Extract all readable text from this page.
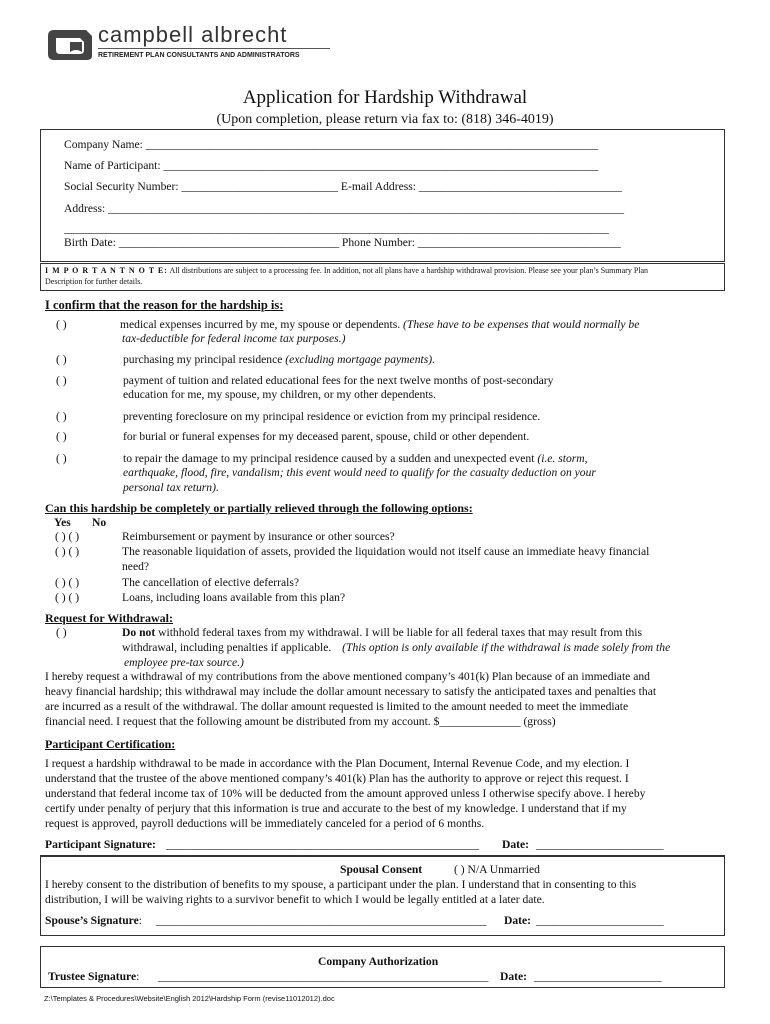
campbell albrecht
RETIREMENT PLAN CONSULTANTS AND ADMINISTRATORS
Application for Hardship Withdrawal
(Upon completion, please return via fax to: (818) 346-4019)
Company Name: ______________________________________________________________________________
Name of Participant: ___________________________________________________________________________
Social Security Number: ___________________________ E-mail Address: ___________________________________
Address: _________________________________________________________________________________________
______________________________________________________________________________________________
Birth Date: ______________________________________ Phone Number: ___________________________________
I M P O R T A N T N O T E: All distributions are subject to a processing fee. In addition, not all plans have a hardship withdrawal provision. Please see your plan’s Summary Plan
Description for further details.
I confirm that the reason for the hardship is:
( )	medical expenses incurred by me, my spouse or dependents. (These have to be expenses that would normally be
tax-deductible for federal income tax purposes.)
( )	purchasing my principal residence (excluding mortgage payments).
( )	payment of tuition and related educational fees for the next twelve months of post-secondary
education for me, my spouse, my children, or my other dependents.
( )	preventing foreclosure on my principal residence or eviction from my principal residence.
( )	for burial or funeral expenses for my deceased parent, spouse, child or other dependent.
( )	to repair the damage to my principal residence caused by a sudden and unexpected event (i.e. storm,
earthquake, flood, fire, vandalism; this event would need to qualify for the casualty deduction on your
personal tax return).
Can this hardship be completely or partially relieved through the following options:
Yes No
( ) ( )	Reimbursement or payment by insurance or other sources?
( ) ( )	The reasonable liquidation of assets, provided the liquidation would not itself cause an immediate heavy financial
need?
( ) ( )	The cancellation of elective deferrals?
( ) ( )	Loans, including loans available from this plan?
Request for Withdrawal:
( )	Do not withhold federal taxes from my withdrawal. I will be liable for all federal taxes that may result from this
withdrawal, including penalties if applicable. (This option is only available if the withdrawal is made solely from the
employee pre-tax source.)
I hereby request a withdrawal of my contributions from the above mentioned company’s 401(k) Plan because of an immediate and
heavy financial hardship; this withdrawal may include the dollar amount necessary to satisfy the anticipated taxes and penalties that
are incurred as a result of the withdrawal. The dollar amount requested is limited to the amount needed to meet the immediate
financial need. I request that the following amount be distributed from my account. $______________ (gross)
Participant Certification:
I request a hardship withdrawal to be made in accordance with the Plan Document, Internal Revenue Code, and my election. I
understand that the trustee of the above mentioned company’s 401(k) Plan has the authority to approve or reject this request. I
understand that federal income tax of 10% will be deducted from the amount approved unless I otherwise specify above. I hereby
certify under penalty of perjury that this information is true and accurate to the best of my knowledge. I understand that if my
request is approved, payroll deductions will be immediately canceled for a period of 6 months.
Participant Signature: ______________________________________________________ Date: ______________________
Spousal Consent	( ) N/A Unmarried
I hereby consent to the distribution of benefits to my spouse, a participant under the plan. I understand that in consenting to this
distribution, I will be waiving rights to a survivor benefit to which I would be legally entitled at a later date.
Spouse’s Signature: _________________________________________________________ Date: ______________________
Company Authorization
Trustee Signature: _________________________________________________________ Date: ______________________
Z:\Templates & Procedures\Website\English 2012\Hardship Form (revise11012012).doc
